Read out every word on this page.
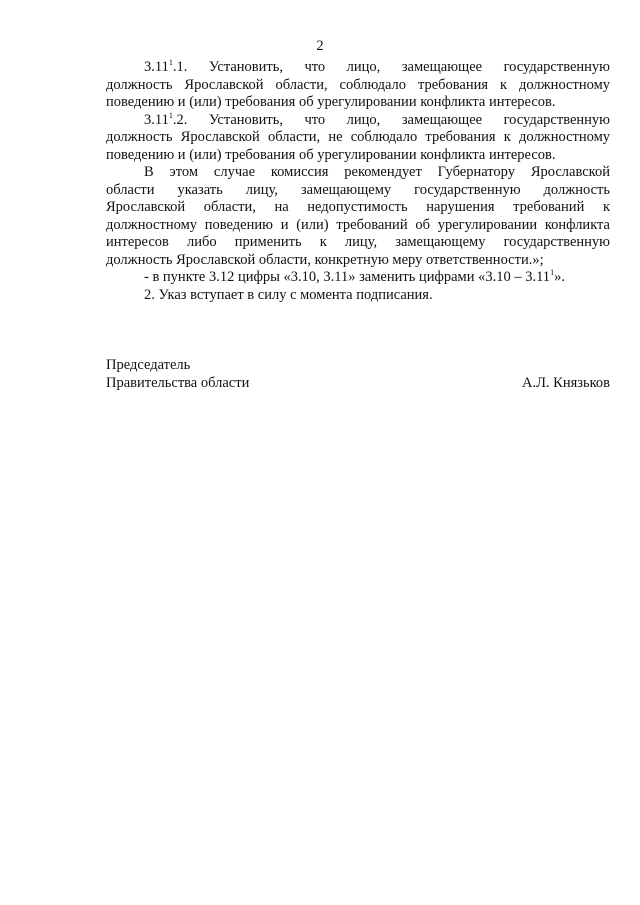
2

3.11$^1$.1. Установить, что лицо, замещающее государственную
должность Ярославской области, соблюдало требования к должностному
поведению и (или) требования об урегулировании конфликта интересов.

3.11$^1$.2. Установить, что лицо, замещающее государственную
должность Ярославской области, не соблюдало требования к должностному
поведению и (или) требования об урегулировании конфликта интересов.

В этом случае комиссия рекомендует Губернатору Ярославской
области указать лицу, замещающему государственную должность
Ярославской области, на недопустимость нарушения требований к
должностному поведению и (или) требований об урегулировании конфликта
интересов либо применить к лицу, замещающему государственную
должность Ярославской области, конкретную меру ответственности.»;

- в пункте 3.12 цифры «3.10, 3.11» заменить цифрами «3.10 – 3.11$^1$».

2. Указ вступает в силу с момента подписания.

Председатель
Правительства области	А.Л. Князьков
